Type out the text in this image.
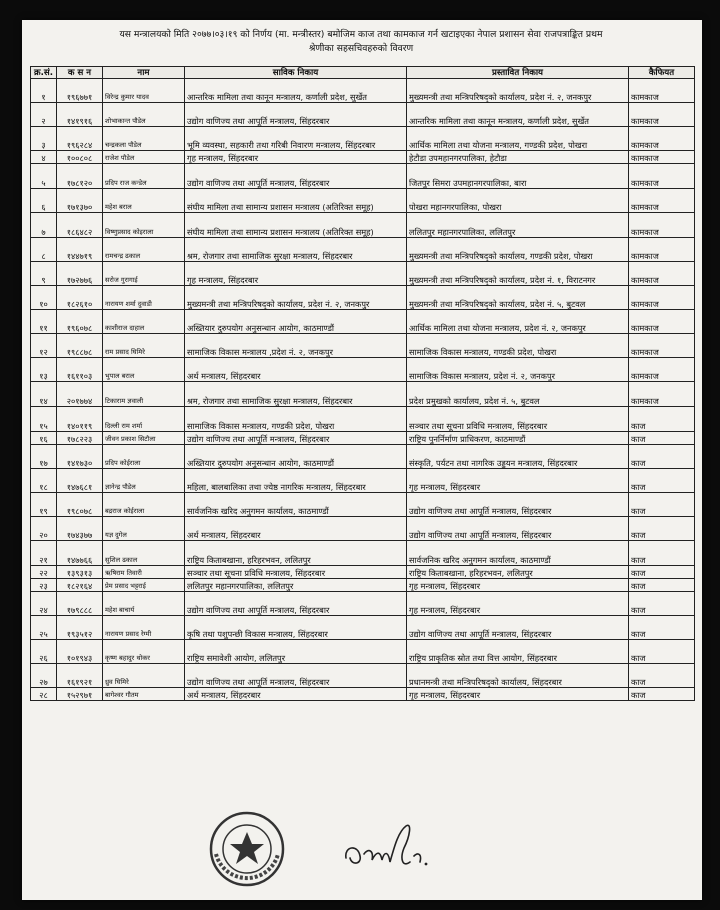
यस मन्त्रालयको मिति २०७७।०३।१९ को निर्णय (मा. मन्त्रीस्तर) बमोजिम काज तथा कामकाज गर्न खटाइएका नेपाल प्रशासन सेवा राजपत्राङ्कित प्रथम
श्रेणीका सहसचिवहरुको विवरण
क्र.सं.	क स न	नाम	साविक निकाय	प्रस्तावित निकाय	कैफियत
१	१९६७७१	विरेन्द्र कुमार यादव	आन्तरिक मामिला तथा कानून मन्त्रालय, कर्णाली प्रदेश, सुर्खेत	मुख्यमन्त्री तथा मन्त्रिपरिषद्को कार्यालय, प्रदेश नं. २, जनकपुर	कामकाज
२	१४१९१६	शोभाकान्त पौडेल	उद्योग वाणिज्य तथा आपूर्ति मन्त्रालय, सिंहदरबार	आन्तरिक मामिला तथा कानून मन्त्रालय, कर्णाली प्रदेश, सुर्खेत	कामकाज
३	१९६२८४	चन्द्रकला पौडेल	भूमि व्यवस्था, सहकारी तथा गरिबी निवारण मन्त्रालय, सिंहदरबार	आर्थिक मामिला तथा योजना मन्त्रालय, गण्डकी प्रदेश, पोखरा	कामकाज
४	१००८०८	राजेश पौडेल	गृह मन्त्रालय, सिंहदरबार	हेटौडा उपमहानगरपालिका, हेटौडा	कामकाज
५	१७८१२०	प्रदिप राज कन्डेल	उद्योग वाणिज्य तथा आपूर्ति मन्त्रालय, सिंहदरबार	जितपुर सिमरा उपमहानगरपालिका, बारा	कामकाज
६	१७१३७०	महेश बराल	संघीय मामिला तथा सामान्य प्रशासन मन्त्रालय (अतिरिक्त समूह)	पोखरा महानगरपालिका, पोखरा	कामकाज
७	१८६४८२	विष्णुप्रसाद कोइराला	संघीय मामिला तथा सामान्य प्रशासन मन्त्रालय (अतिरिक्त समूह)	ललितपुर महानगरपालिका, ललितपुर	कामकाज
८	१४४७१९	रामचन्द्र ढकाल	श्रम, रोजगार तथा सामाजिक सुरक्षा मन्त्रालय, सिंहदरबार	मुख्यमन्त्री तथा मन्त्रिपरिषद्को कार्यालय, गण्डकी प्रदेश, पोखरा	कामकाज
९	१७२७७६	सरोज गुरागाई	गृह मन्त्रालय, सिंहदरबार	मुख्यमन्त्री तथा मन्त्रिपरिषद्को कार्यालय, प्रदेश नं. १, विराटनगर	कामकाज
१०	१८२६१०	नारायण शर्मा दुवाडी	मुख्यमन्त्री तथा मन्त्रिपरिषद्को कार्यालय, प्रदेश नं. २, जनकपुर	मुख्यमन्त्री तथा मन्त्रिपरिषद्को कार्यालय, प्रदेश नं. ५, बुटवल	कामकाज
११	१९६०७८	काशीराज दाहाल	अख्तियार दुरुपयोग अनुसन्धान आयोग, काठमाण्डौं	आर्थिक मामिला तथा योजना मन्त्रालय, प्रदेश नं. २, जनकपुर	कामकाज
१२	१९८८७८	राम प्रसाद घिमिरे	सामाजिक विकास मन्त्रालय ,प्रदेश नं. २, जनकपुर	सामाजिक विकास मन्त्रालय, गण्डकी प्रदेश, पोखरा	कामकाज
१३	१६११०३	भुपाल बराल	अर्थ मन्त्रालय, सिंहदरबार	सामाजिक विकास मन्त्रालय, प्रदेश नं. २, जनकपुर	कामकाज
१४	२०१७७४	टिकाराम ज्ञवाली	श्रम, रोजगार तथा सामाजिक सुरक्षा मन्त्रालय, सिंहदरबार	प्रदेश प्रमुखको कार्यालय, प्रदेश नं. ५, बुटवल	कामकाज
१५	१४०११९	दिल्ली राम शर्मा	सामाजिक विकास मन्त्रालय, गण्डकी प्रदेश, पोखरा	सञ्चार तथा सूचना प्रविधि मन्त्रालय, सिंहदरबार	काज
१६	१७८२२३	जीवन प्रकाश सिटौला	उद्योग वाणिज्य तथा आपूर्ति मन्त्रालय, सिंहदरबार	राष्ट्रिय पुनर्निर्माण प्राधिकरण, काठमाण्डौं	काज
१७	१४१७३०	प्रदिप कोईराला	अख्तियार दुरुपयोग अनुसन्धान आयोग, काठमाण्डौं	संस्कृति, पर्यटन तथा नागरिक उड्डयन मन्त्रालय, सिंहदरबार	काज
१८	१४७६८१	ज्ञानेन्द्र पौडेल	महिला, बालबालिका तथा ज्येष्ठ नागरिक मन्त्रालय, सिंहदरबार	गृह मन्त्रालय, सिंहदरबार	काज
१९	१९८०७८	बद्रराज कोईराला	सार्वजनिक खरिद अनुगमन कार्यालय, काठमाण्डौं	उद्योग वाणिज्य तथा आपूर्ति मन्त्रालय, सिंहदरबार	काज
२०	१७४३७७	यज्ञ दुगेल	अर्थ मन्त्रालय, सिंहदरबार	उद्योग वाणिज्य तथा आपूर्ति मन्त्रालय, सिंहदरबार	काज
२१	१४७७६६	सुशिल ढकाल	राष्ट्रिय किताबखाना, हरिहरभवन, ललितपुर	सार्वजनिक खरिद अनुगमन कार्यालय, काठमाण्डौं	काज
२२	१३९३१३	ऋषिराम तिवारी	सञ्चार तथा सूचना प्रविधि मन्त्रालय, सिंहदरबार	राष्ट्रिय किताबखाना, हरिहरभवन, ललितपुर	काज
२३	१८२१६४	प्रेम प्रसाद भट्टराई	ललितपुर महानगरपालिका, ललितपुर	गृह मन्त्रालय, सिंहदरबार	काज
२४	१७९८८८	महेश बाचार्य	उद्योग वाणिज्य तथा आपूर्ति मन्त्रालय, सिंहदरबार	गृह मन्त्रालय, सिंहदरबार	काज
२५	१९३५१२	नारायण प्रसाद रेग्मी	कृषि तथा पशुपन्छी विकास मन्त्रालय, सिंहदरबार	उद्योग वाणिज्य तथा आपूर्ति मन्त्रालय, सिंहदरबार	काज
२६	१०१९४३	कृष्ण बहादुर थोकर	राष्ट्रिय समावेशी आयोग, ललितपुर	राष्ट्रिय प्राकृतिक स्रोत तथा वित्त आयोग, सिंहदरबार	काज
२७	१६१९२१	ध्रुव घिमिरे	उद्योग वाणिज्य तथा आपूर्ति मन्त्रालय, सिंहदरबार	प्रधानमन्त्री तथा मन्त्रिपरिषद्को कार्यालय, सिंहदरबार	काज
२८	१५२९७१	बागेश्वर गौतम	अर्थ मन्त्रालय, सिंहदरबार	गृह मन्त्रालय, सिंहदरबार	काज
